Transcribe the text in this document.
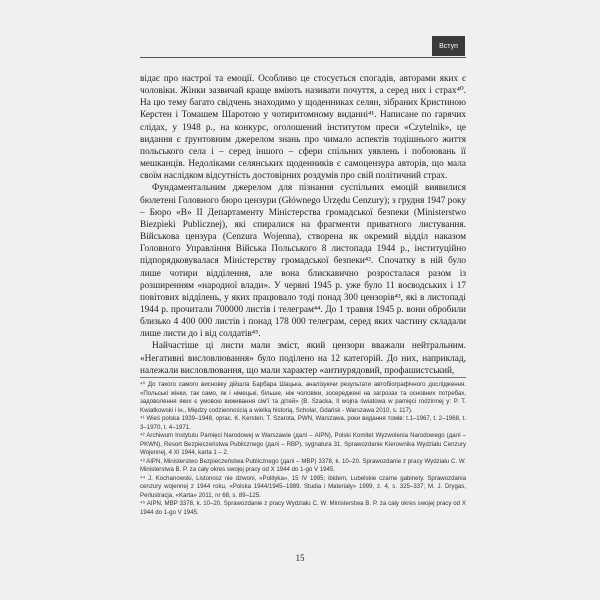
Вступ

відає про настрої та емоції. Особливо це стосується спогадів, авторами яких є чоловіки. Жінки зазвичай краще вміють називати почуття, а серед них і страх⁴⁰. На цю тему багато свідчень знаходимо у щоденниках селян, зібраних Кристиною Керстен і Томашем Шаротою у чотиритомному виданні⁴¹. Написане по гарячих слідах, у 1948 р., на конкурс, оголошений інститутом преси «Czytelnik», це видання є ґрунтовним джерелом знань про чимало аспектів тодішнього життя польського села і – серед іншого – сфери спільних уявлень і побоювань її мешканців. Недоліками селянських щоденників є самоцензура авторів, що мала своїм наслідком відсутність достовірних роздумів про свій політичний страх.

Фундаментальним джерелом для пізнання суспільних емоцій виявилися бюлетені Головного бюро цензури (Głównego Urzędu Cenzury); з грудня 1947 року – Бюро «В» II Департаменту Міністерства громадської безпеки (Ministerstwo Biezpieki Publicznej), які спиралися на фрагменти приватного листування. Військова цензура (Cenzura Wojenna), створена як окремий відділ наказом Головного Управління Війська Польського 8 листопада 1944 р., інституційно підпорядковувалася Міністерству громадської безпеки⁴². Спочатку в ній було лише чотири відділення, але вона блискавично розросталася разом із розширенням «народної влади». У червні 1945 р. уже було 11 воєводських і 17 повітових відділень, у яких працювало тоді понад 300 цензорів⁴³, які в листопаді 1944 р. прочитали 700000 листів і телеграм⁴⁴. До 1 травня 1945 р. вони обробили близько 4 400 000 листів і понад 178 000 телеграм, серед яких частину складали лише листи до і від солдатів⁴⁵.

Найчастіше ці листи мали зміст, який цензори вважали нейтральним. «Негативні висловлювання» було поділено на 12 категорій. До них, наприклад, належали висловлювання, що мали характер «антиурядовий, профашистський,

⁴⁰ До такого самого висновку дійшла Барбара Шацька, аналізуючи результати автобіографічного дослідження. «Польські жінки, так само, як і німецькі, більше, ніж чоловіки, зосереджені на загрозах та основних потребах, задоволення яких є умовою виживання сім'ї та дітей» (B. Szacka, Il wojna światowa w pamięci rodzinnej у: P. T. Kwiatkowski і ін., Między codziennością a wielką historią, Scholar, Gdańsk - Warszawa 2010, s. 117).

⁴¹ Wieś polska 1939–1948, oprac. K. Kersten, T. Szarota, PWN, Warszawa, роки видання томів: t.1–1967, t. 2–1968, t. 3–1970, t. 4–1971.

⁴² Archiwum Instytutu Pamięci Narodowej w Warszawie (далі – AIPN), Polski Komitet Wyzwolenia Narodowego (далі – PKWN), Resort Bezpieczeństwa Publicznego (далі – RBP), sygnatura 31. Sprawozdanie Kierownika Wydziału Cenzury Wojennej, 4 XI 1944, karta 1 – 2.

⁴³ AIPN, Ministerstwo Bezpieczeństwa Publicznego (далі – MBP) 3378, k. 10–20. Sprawozdanie z pracy Wydziału C. W. Ministerstwa B. P. za cały okres swojej pracy od X 1944 do 1-go V 1945.

⁴⁴ J. Kochanowski, Listonosz nie dzwoni, «Polityka», 15 IV 1995; ibidem, Lubelskie czarne gabinety. Sprawozdania cenzury wojennej z 1944 roku, «Polska 1944/1945–1989. Studia i Materiały» 1999, z. 4, s. 325–337; M. J. Drygas, Perlustracja, «Karta» 2011, nr 68, s. 89–125.

⁴⁵ AIPN, MBP 3378, k. 10–20. Sprawozdanie z pracy Wydziału C. W. Ministerstwa B. P. za cały okres swojej pracy od X 1944 do 1-go V 1945.

15
